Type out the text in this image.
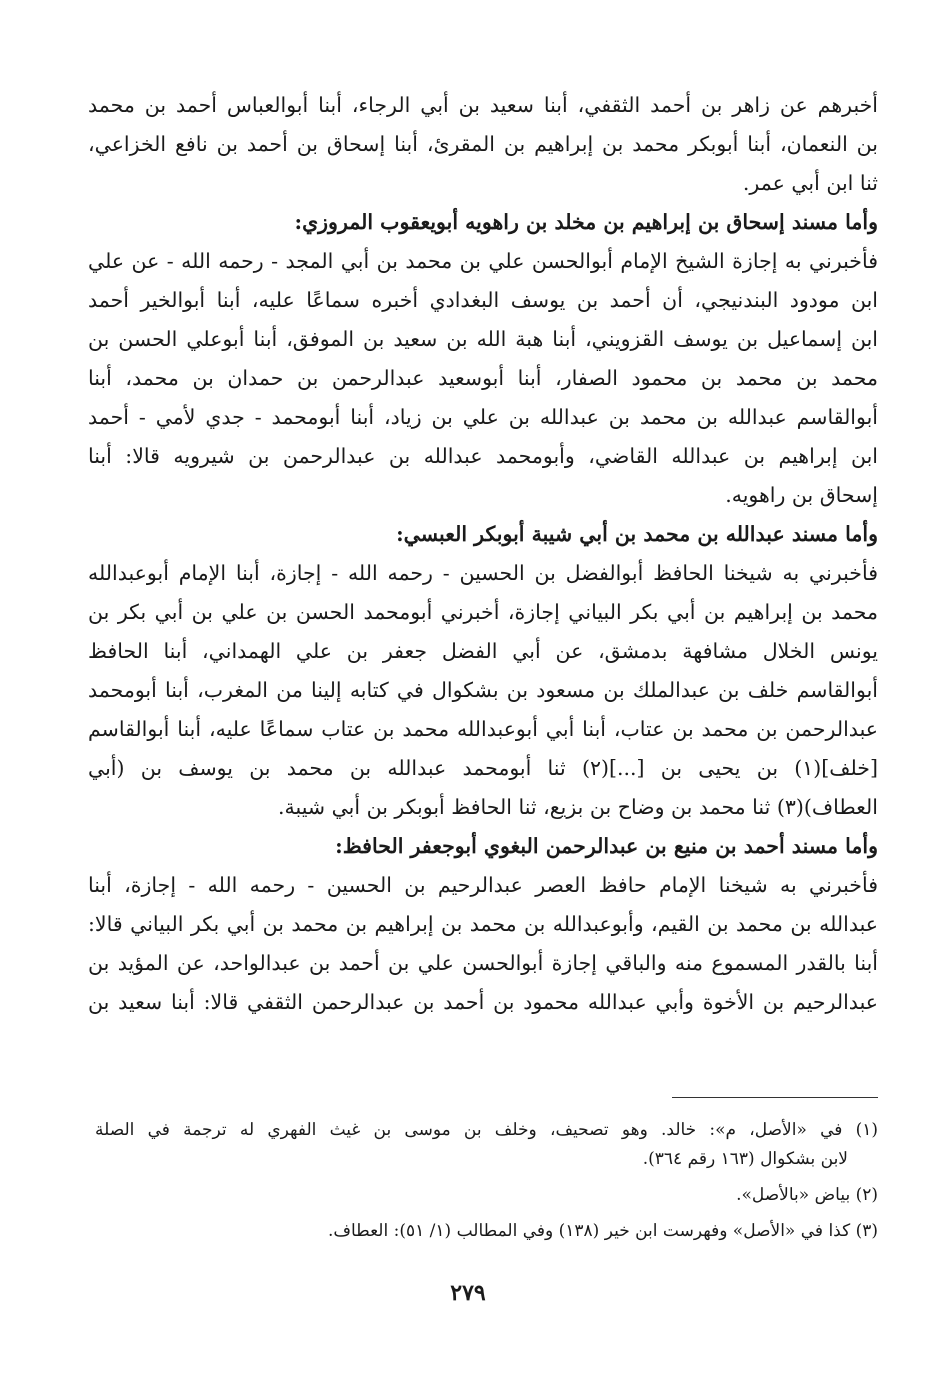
أخبرهم عن زاهر بن أحمد الثقفي، أبنا سعيد بن أبي الرجاء، أبنا أبوالعباس أحمد بن محمد
بن النعمان، أبنا أبوبكر محمد بن إبراهيم بن المقرئ، أبنا إسحاق بن أحمد بن نافع الخزاعي،
ثنا ابن أبي عمر.
وأما مسند إسحاق بن إبراهيم بن مخلد بن راهويه أبويعقوب المروزي:
فأخبرني به إجازة الشيخ الإمام أبوالحسن علي بن محمد بن أبي المجد - رحمه الله - عن علي
ابن مودود البندنيجي، أن أحمد بن يوسف البغدادي أخبره سماعًا عليه، أبنا أبوالخير أحمد
ابن إسماعيل بن يوسف القزويني، أبنا هبة الله بن سعيد بن الموفق، أبنا أبوعلي الحسن بن
محمد بن محمد بن محمود الصفار، أبنا أبوسعيد عبدالرحمن بن حمدان بن محمد، أبنا
أبوالقاسم عبدالله بن محمد بن عبدالله بن علي بن زياد، أبنا أبومحمد - جدي لأمي - أحمد
ابن إبراهيم بن عبدالله القاضي، وأبومحمد عبدالله بن عبدالرحمن بن شيرويه قالا: أبنا
إسحاق بن راهويه.
وأما مسند عبدالله بن محمد بن أبي شيبة أبوبكر العبسي:
فأخبرني به شيخنا الحافظ أبوالفضل بن الحسين - رحمه الله - إجازة، أبنا الإمام أبوعبدالله
محمد بن إبراهيم بن أبي بكر البياني إجازة، أخبرني أبومحمد الحسن بن علي بن أبي بكر بن
يونس الخلال مشافهة بدمشق، عن أبي الفضل جعفر بن علي الهمداني، أبنا الحافظ
أبوالقاسم خلف بن عبدالملك بن مسعود بن بشكوال في كتابه إلينا من المغرب، أبنا أبومحمد
عبدالرحمن بن محمد بن عتاب، أبنا أبي أبوعبدالله محمد بن عتاب سماعًا عليه، أبنا أبوالقاسم
[خلف](١) بن يحيى بن [...](٢) ثنا أبومحمد عبدالله بن محمد بن يوسف بن (أبي
العطاف)(٣) ثنا محمد بن وضاح بن بزيع، ثنا الحافظ أبوبكر بن أبي شيبة.
وأما مسند أحمد بن منيع بن عبدالرحمن البغوي أبوجعفر الحافظ:
فأخبرني به شيخنا الإمام حافظ العصر عبدالرحيم بن الحسين - رحمه الله - إجازة، أبنا
عبدالله بن محمد بن القيم، وأبوعبدالله بن محمد بن إبراهيم بن محمد بن أبي بكر البياني قالا:
أبنا بالقدر المسموع منه والباقي إجازة أبوالحسن علي بن أحمد بن عبدالواحد، عن المؤيد بن
عبدالرحيم بن الأخوة وأبي عبدالله محمود بن أحمد بن عبدالرحمن الثقفي قالا: أبنا سعيد بن
(١) في «الأصل، م»: خالد. وهو تصحيف، وخلف بن موسى بن غيث الفهري له ترجمة في الصلة
لابن بشكوال (١٦٣ رقم ٣٦٤).
(٢) بياض «بالأصل».
(٣) كذا في «الأصل» وفهرست ابن خير (١٣٨) وفي المطالب (١/ ٥١): العطاف.
٢٧٩
